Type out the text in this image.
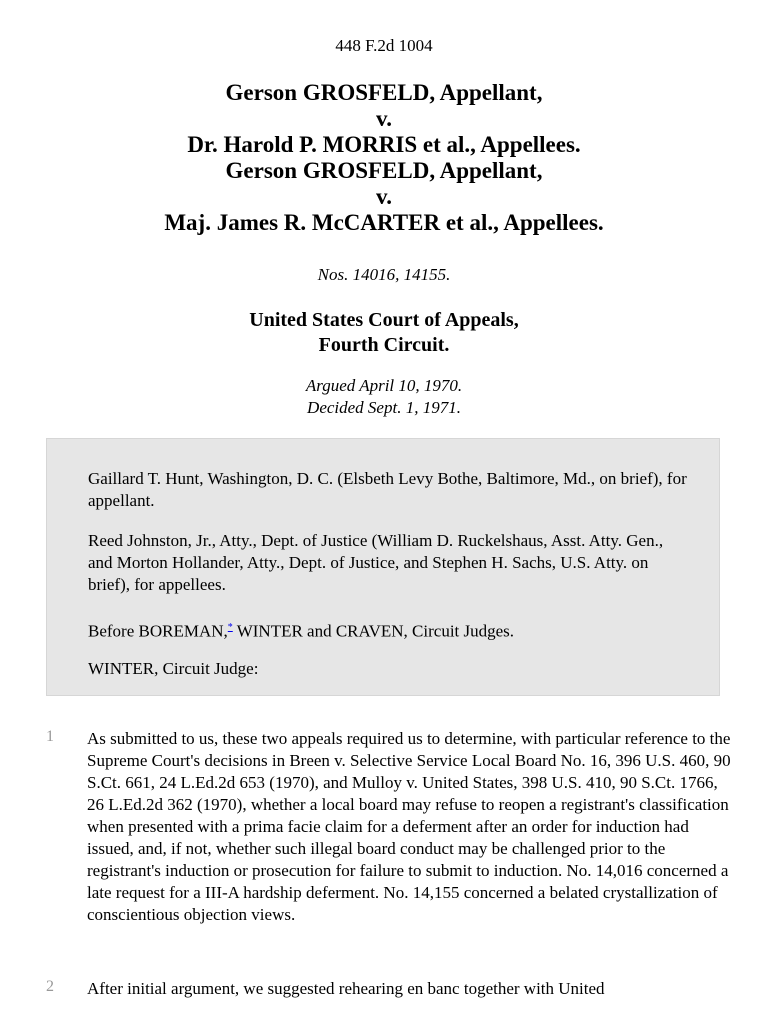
448 F.2d 1004
Gerson GROSFELD, Appellant,
v.
Dr. Harold P. MORRIS et al., Appellees.
Gerson GROSFELD, Appellant,
v.
Maj. James R. McCARTER et al., Appellees.
Nos. 14016, 14155.
United States Court of Appeals,
Fourth Circuit.
Argued April 10, 1970.
Decided Sept. 1, 1971.

Gaillard T. Hunt, Washington, D. C. (Elsbeth Levy Bothe, Baltimore, Md., on brief), for appellant.

Reed Johnston, Jr., Atty., Dept. of Justice (William D. Ruckelshaus, Asst. Atty. Gen., and Morton Hollander, Atty., Dept. of Justice, and Stephen H. Sachs, U.S. Atty. on brief), for appellees.

Before BOREMAN,* WINTER and CRAVEN, Circuit Judges.

WINTER, Circuit Judge:

1 As submitted to us, these two appeals required us to determine, with particular reference to the Supreme Court's decisions in Breen v. Selective Service Local Board No. 16, 396 U.S. 460, 90 S.Ct. 661, 24 L.Ed.2d 653 (1970), and Mulloy v. United States, 398 U.S. 410, 90 S.Ct. 1766, 26 L.Ed.2d 362 (1970), whether a local board may refuse to reopen a registrant's classification when presented with a prima facie claim for a deferment after an order for induction had issued, and, if not, whether such illegal board conduct may be challenged prior to the registrant's induction or prosecution for failure to submit to induction. No. 14,016 concerned a late request for a III-A hardship deferment. No. 14,155 concerned a belated crystallization of conscientious objection views.

2 After initial argument, we suggested rehearing en banc together with United
